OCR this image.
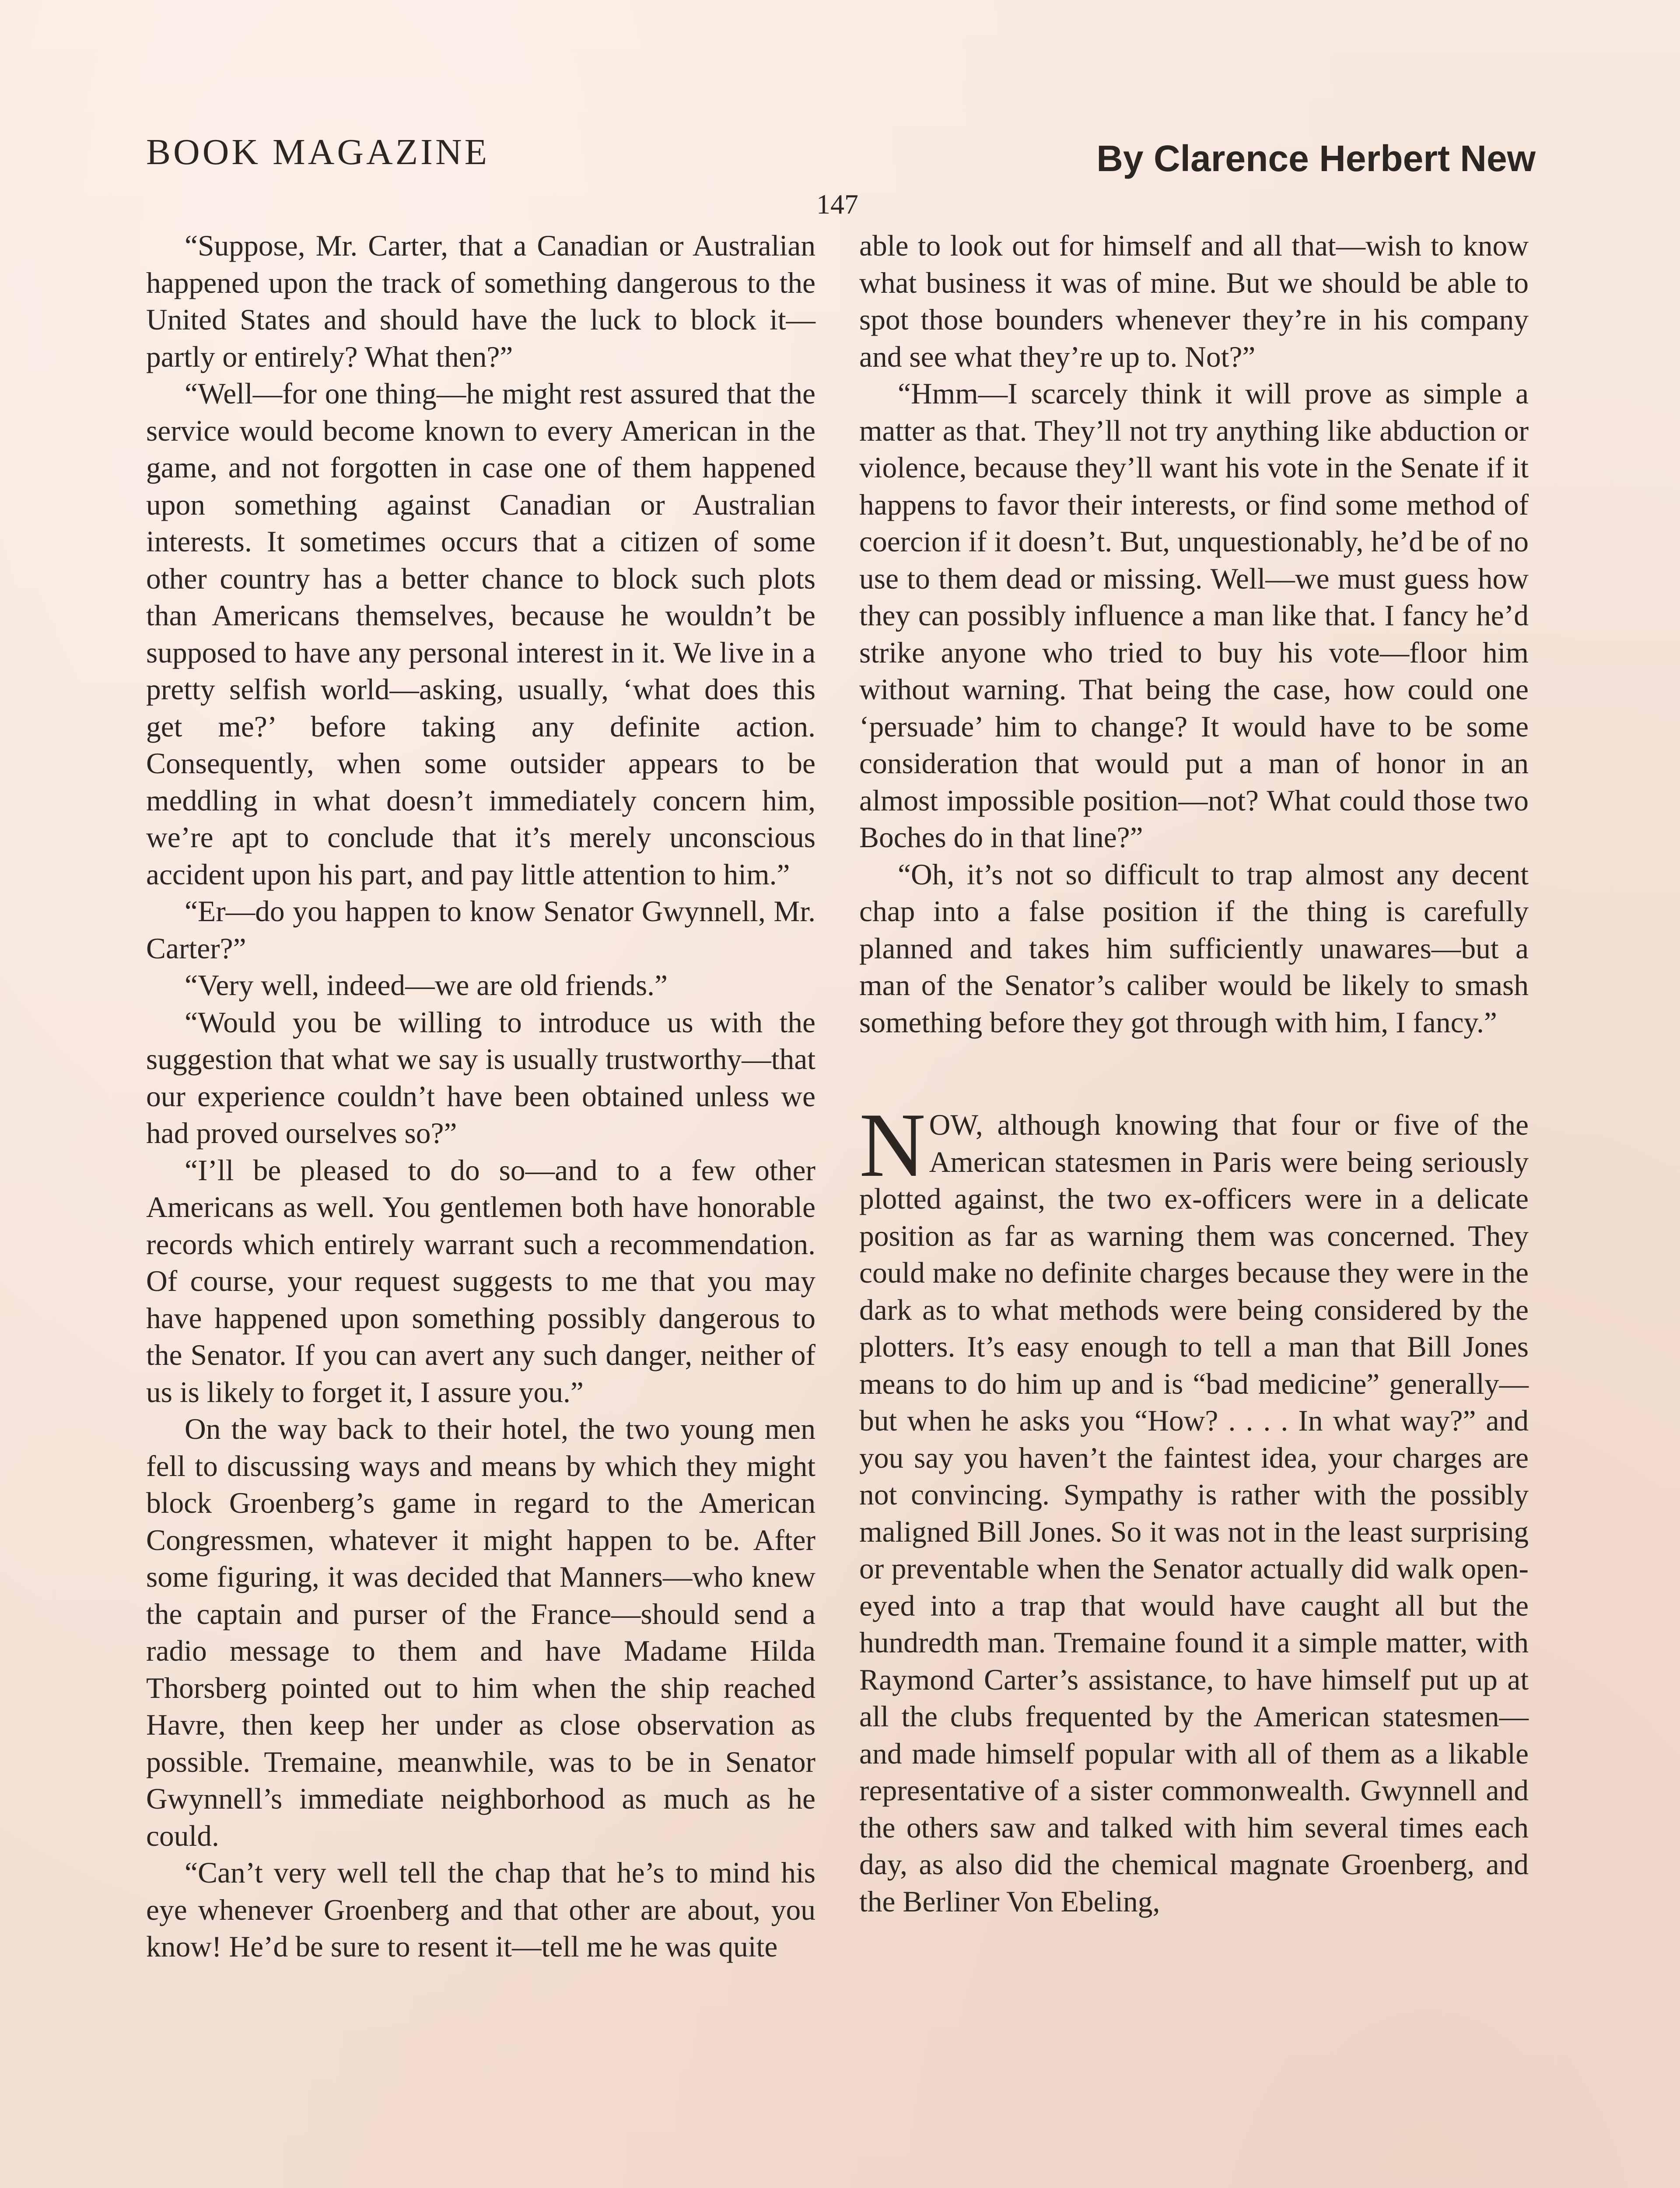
BOOK MAGAZINE	By Clarence Herbert New
147

“Suppose, Mr. Carter, that a Canadian or Australian happened upon the track of something dangerous to the United States and should have the luck to block it—partly or entirely? What then?”

“Well—for one thing—he might rest assured that the service would become known to every American in the game, and not forgotten in case one of them happened upon something against Canadian or Australian interests. It sometimes occurs that a citizen of some other country has a better chance to block such plots than Americans themselves, because he wouldn’t be supposed to have any personal interest in it. We live in a pretty selfish world—asking, usually, ‘what does this get me?’ before taking any definite action. Consequently, when some outsider appears to be meddling in what doesn’t immediately concern him, we’re apt to conclude that it’s merely unconscious accident upon his part, and pay little attention to him.”

“Er—do you happen to know Senator Gwynnell, Mr. Carter?”

“Very well, indeed—we are old friends.”

“Would you be willing to introduce us with the suggestion that what we say is usually trustworthy—that our experience couldn’t have been obtained unless we had proved ourselves so?”

“I’ll be pleased to do so—and to a few other Americans as well. You gentlemen both have honorable records which entirely warrant such a recommendation. Of course, your request suggests to me that you may have happened upon something possibly dangerous to the Senator. If you can avert any such danger, neither of us is likely to forget it, I assure you.”

On the way back to their hotel, the two young men fell to discussing ways and means by which they might block Groenberg’s game in regard to the American Congressmen, whatever it might happen to be. After some figuring, it was decided that Manners—who knew the captain and purser of the France—should send a radio message to them and have Madame Hilda Thorsberg pointed out to him when the ship reached Havre, then keep her under as close observation as possible. Tremaine, meanwhile, was to be in Senator Gwynnell’s immediate neighborhood as much as he could.

“Can’t very well tell the chap that he’s to mind his eye whenever Groenberg and that other are about, you know! He’d be sure to resent it—tell me he was quite

able to look out for himself and all that—wish to know what business it was of mine. But we should be able to spot those bounders whenever they’re in his company and see what they’re up to. Not?”

“Hmm—I scarcely think it will prove as simple a matter as that. They’ll not try anything like abduction or violence, because they’ll want his vote in the Senate if it happens to favor their interests, or find some method of coercion if it doesn’t. But, unquestionably, he’d be of no use to them dead or missing. Well—we must guess how they can possibly influence a man like that. I fancy he’d strike anyone who tried to buy his vote—floor him without warning. That being the case, how could one ‘persuade’ him to change? It would have to be some consideration that would put a man of honor in an almost impossible position—not? What could those two Boches do in that line?”

“Oh, it’s not so difficult to trap almost any decent chap into a false position if the thing is carefully planned and takes him sufficiently unawares—but a man of the Senator’s caliber would be likely to smash something before they got through with him, I fancy.”

NOW, although knowing that four or five of the American statesmen in Paris were being seriously plotted against, the two ex-officers were in a delicate position as far as warning them was concerned. They could make no definite charges because they were in the dark as to what methods were being considered by the plotters. It’s easy enough to tell a man that Bill Jones means to do him up and is “bad medicine” generally—but when he asks you “How? . . . . In what way?” and you say you haven’t the faintest idea, your charges are not convincing. Sympathy is rather with the possibly maligned Bill Jones. So it was not in the least surprising or preventable when the Senator actually did walk open-eyed into a trap that would have caught all but the hundredth man. Tremaine found it a simple matter, with Raymond Carter’s assistance, to have himself put up at all the clubs frequented by the American statesmen—and made himself popular with all of them as a likable representative of a sister commonwealth. Gwynnell and the others saw and talked with him several times each day, as also did the chemical magnate Groenberg, and the Berliner Von Ebeling,
